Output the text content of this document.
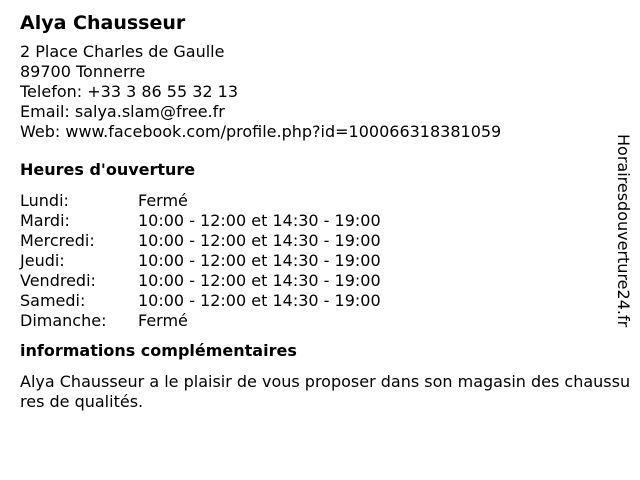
Alya Chausseur
2 Place Charles de Gaulle
89700 Tonnerre
Telefon: +33 3 86 55 32 13
Email: salya.slam@free.fr
Web: www.facebook.com/profile.php?id=100066318381059
Heures d'ouverture
Lundi:	Fermé
Mardi:	10:00 - 12:00 et 14:30 - 19:00
Mercredi:	10:00 - 12:00 et 14:30 - 19:00
Jeudi:	10:00 - 12:00 et 14:30 - 19:00
Vendredi:	10:00 - 12:00 et 14:30 - 19:00
Samedi:	10:00 - 12:00 et 14:30 - 19:00
Dimanche:	Fermé
informations complémentaires
Alya Chausseur a le plaisir de vous proposer dans son magasin des chaussures de qualités.
Horairesdouverture24.fr
